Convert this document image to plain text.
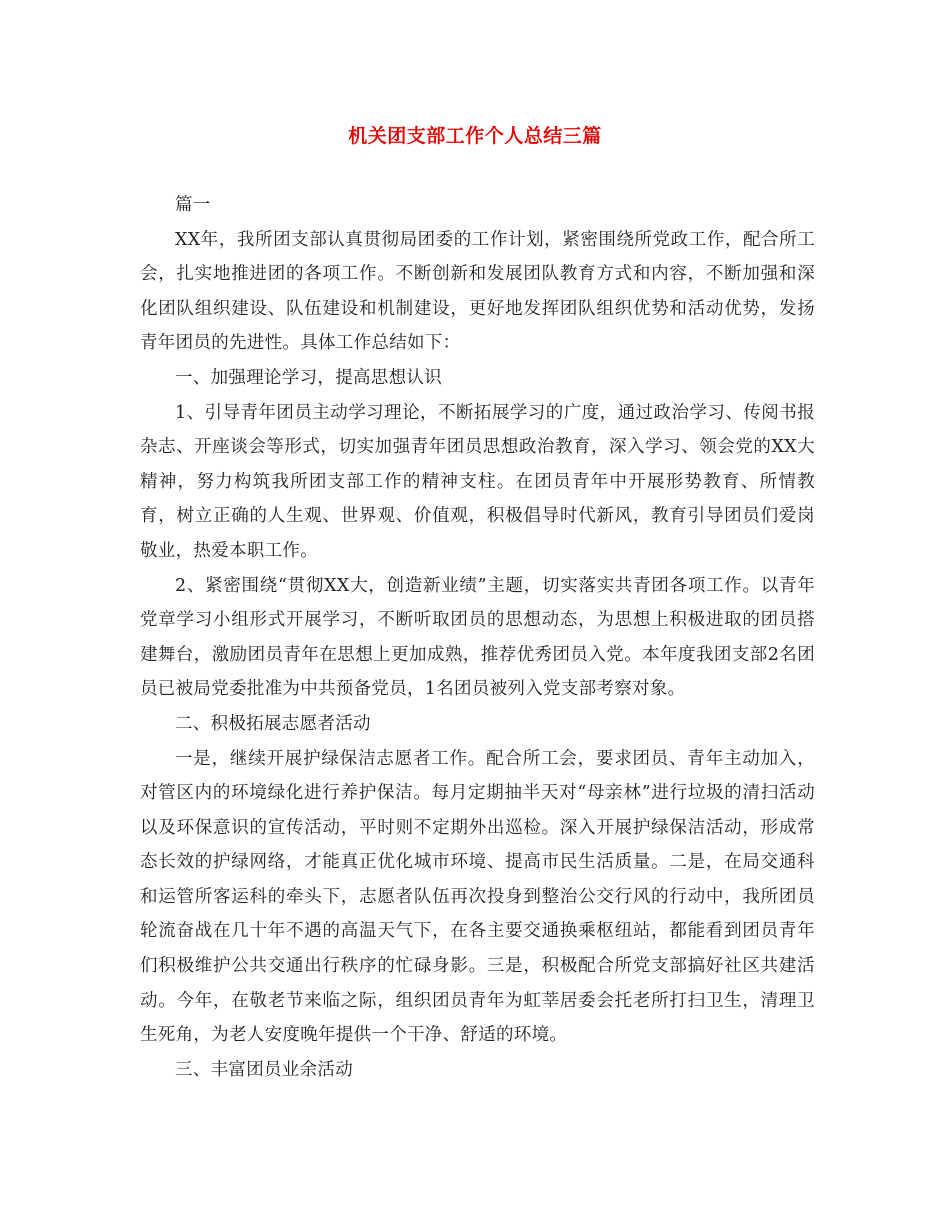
机关团支部工作个人总结三篇

篇一

XX年，我所团支部认真贯彻局团委的工作计划，紧密围绕所党政工作，配合所工会，扎实地推进团的各项工作。不断创新和发展团队教育方式和内容，不断加强和深化团队组织建设、队伍建设和机制建设，更好地发挥团队组织优势和活动优势，发扬青年团员的先进性。具体工作总结如下：

一、加强理论学习，提高思想认识

1、引导青年团员主动学习理论，不断拓展学习的广度，通过政治学习、传阅书报杂志、开座谈会等形式，切实加强青年团员思想政治教育，深入学习、领会党的XX大精神，努力构筑我所团支部工作的精神支柱。在团员青年中开展形势教育、所情教育，树立正确的人生观、世界观、价值观，积极倡导时代新风，教育引导团员们爱岗敬业，热爱本职工作。

2、紧密围绕“贯彻XX大，创造新业绩”主题，切实落实共青团各项工作。以青年党章学习小组形式开展学习，不断听取团员的思想动态，为思想上积极进取的团员搭建舞台，激励团员青年在思想上更加成熟，推荐优秀团员入党。本年度我团支部2名团员已被局党委批准为中共预备党员，1名团员被列入党支部考察对象。

二、积极拓展志愿者活动

一是，继续开展护绿保洁志愿者工作。配合所工会，要求团员、青年主动加入，对管区内的环境绿化进行养护保洁。每月定期抽半天对“母亲林”进行垃圾的清扫活动以及环保意识的宣传活动，平时则不定期外出巡检。深入开展护绿保洁活动，形成常态长效的护绿网络，才能真正优化城市环境、提高市民生活质量。二是，在局交通科和运管所客运科的牵头下，志愿者队伍再次投身到整治公交行风的行动中，我所团员轮流奋战在几十年不遇的高温天气下，在各主要交通换乘枢纽站，都能看到团员青年们积极维护公共交通出行秩序的忙碌身影。三是，积极配合所党支部搞好社区共建活动。今年，在敬老节来临之际，组织团员青年为虹莘居委会托老所打扫卫生，清理卫生死角，为老人安度晚年提供一个干净、舒适的环境。

三、丰富团员业余活动
